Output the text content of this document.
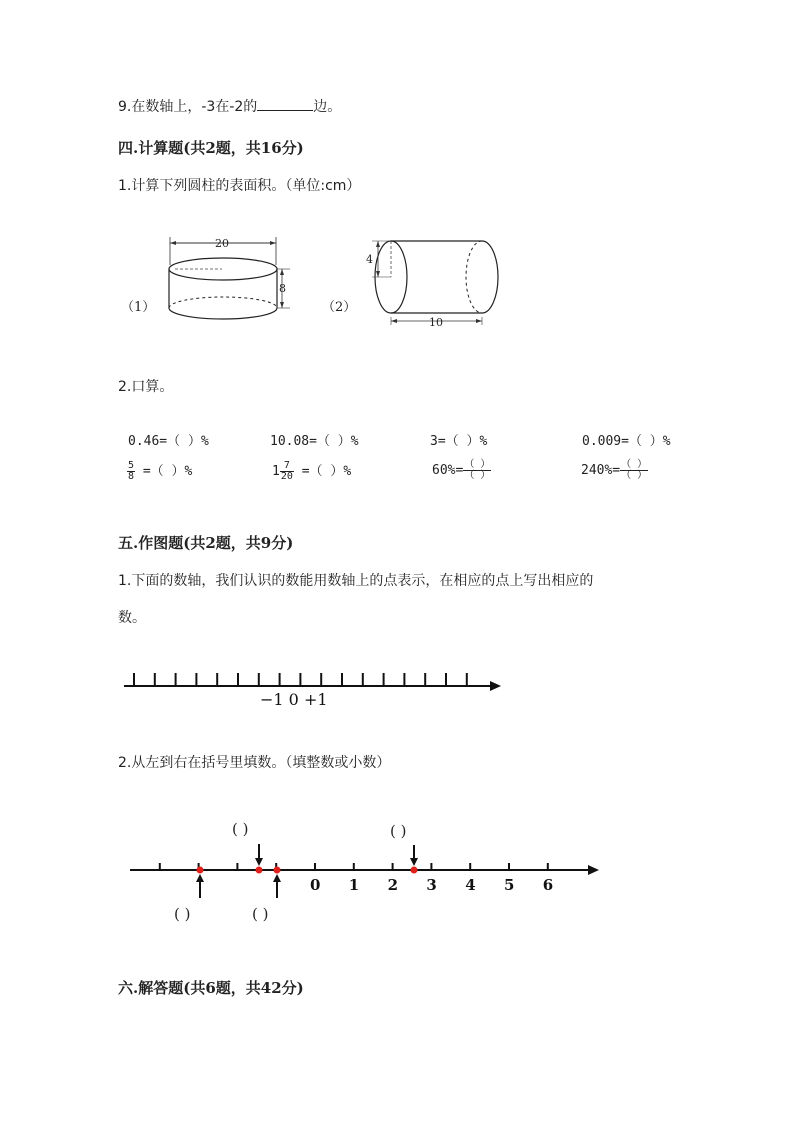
9.在数轴上，-3在-2的	边。
四.计算题(共2题，共16分)
1.计算下列圆柱的表面积。（单位:cm）
（1）
20
8
（2）
4
10
2.口算。
0.46=（ ）%	10.08=（ ）%	3=（ ）%	0.009=（ ）%
$\frac{5}{8}$ =（ ）%	$1 \frac{7}{20}$ =（ ）%	$60\%= \frac{( )}{( )}$	$240\%= \frac{( )}{( )}$
五.作图题(共2题，共9分)
1.下面的数轴，我们认识的数能用数轴上的点表示，在相应的点上写出相应的
数。
−1 0 +1
2.从左到右在括号里填数。（填整数或小数）
( )	( )
0 1 2 3 4 5 6
( )	( )
六.解答题(共6题，共42分)
